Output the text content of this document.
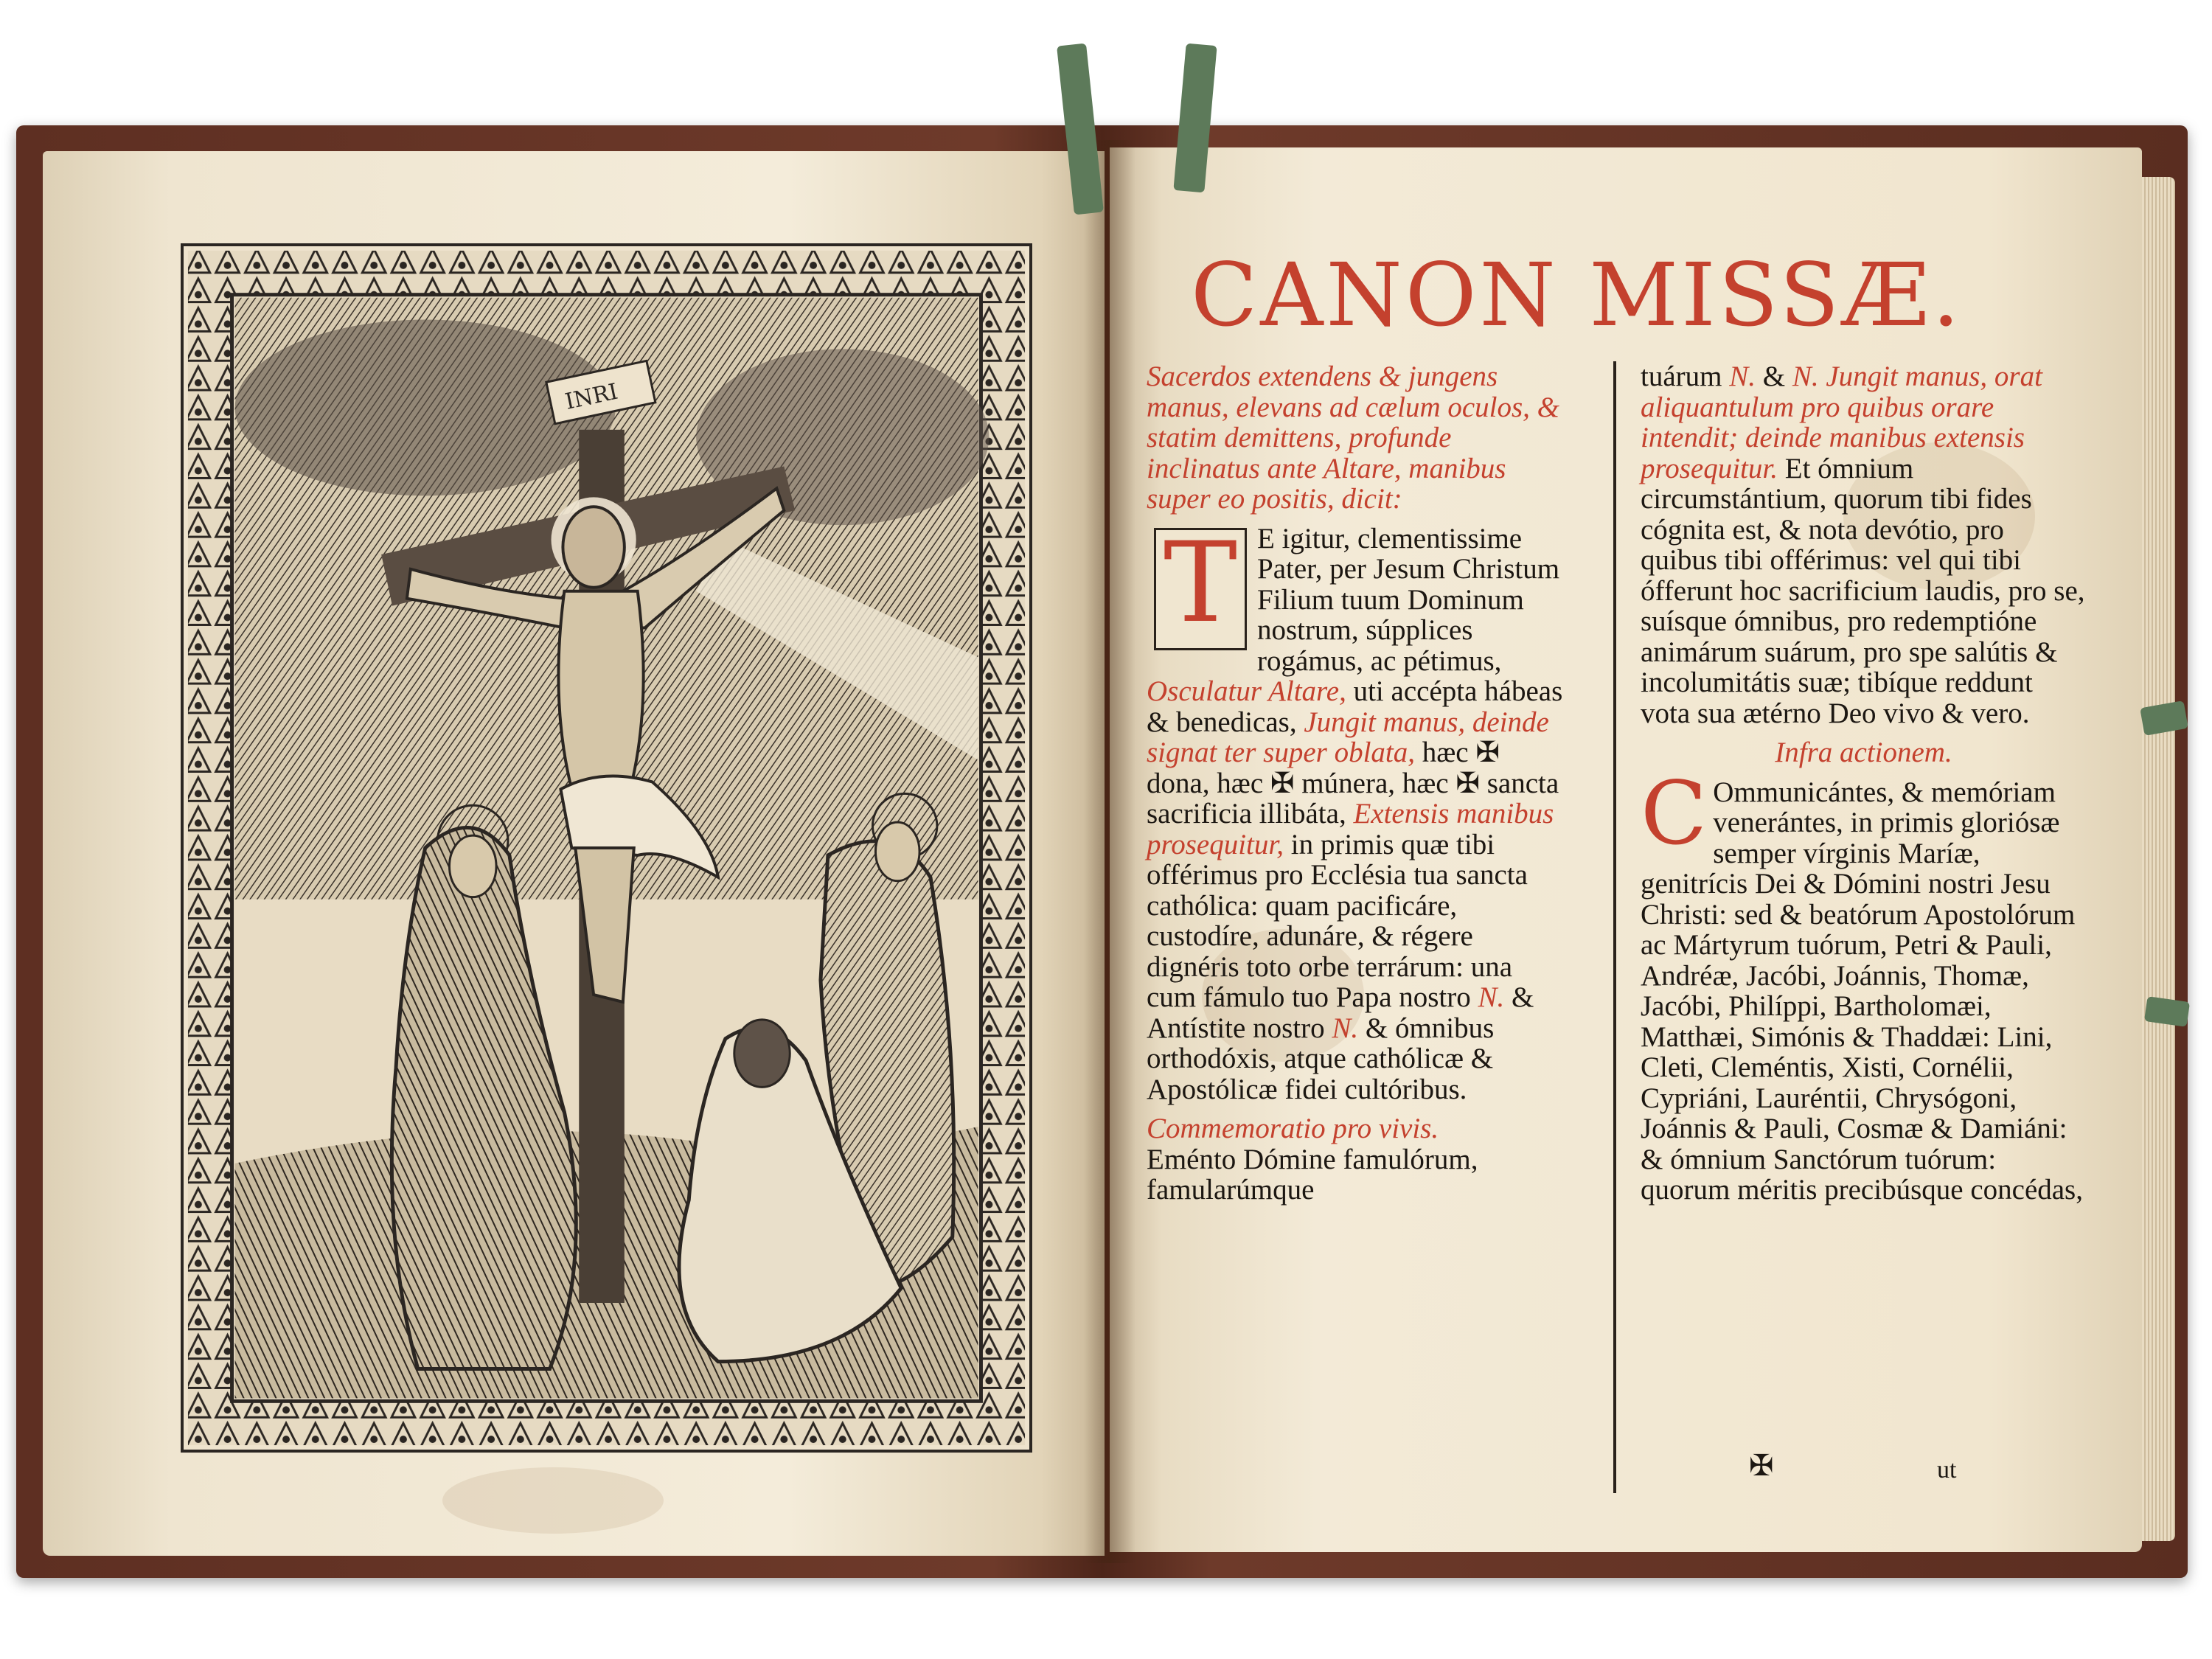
INRI
CANON MISSÆ.

Sacerdos extendens & jungens manus, elevans ad cælum oculos, & statim demittens, profunde inclinatus ante Altare, manibus super eo positis, dicit:

T E igitur, clementissime Pater, per Jesum Christum Filium tuum Dominum nostrum, súpplices rogámus, ac pétimus, Osculatur Altare, uti accépta hábeas & benedicas, Jungit manus, deinde signat ter super oblata, hæc ✠ dona, hæc ✠ múnera, hæc ✠ sancta sacrificia illibáta, Extensis manibus prosequitur, in primis quæ tibi offérimus pro Ecclésia tua sancta cathólica: quam pacificáre, custodíre, adunáre, & régere dignéris toto orbe terrárum: una cum fámulo tuo Papa nostro N. & Antístite nostro N. & ómnibus orthodóxis, atque cathólicæ & Apostólicæ fidei cultóribus.

Commemoratio pro vivis.
Eménto Dómine famulórum, famularúmque

tuárum N. & N. Jungit manus, orat aliquantulum pro quibus orare intendit; deinde manibus extensis prosequitur. Et ómnium circumstántium, quorum tibi fides cógnita est, & nota devótio, pro quibus tibi offérimus: vel qui tibi ófferunt hoc sacrificium laudis, pro se, suísque ómnibus, pro redemptióne animárum suárum, pro spe salútis & incolumitátis suæ; tibíque reddunt vota sua ætérno Deo vivo & vero.

Infra actionem.

C Ommunicántes, & memóriam venerántes, in primis gloriósæ semper vírginis Maríæ, genitrícis Dei & Dómini nostri Jesu Christi: sed & beatórum Apostolórum ac Mártyrum tuórum, Petri & Pauli, Andréæ, Jacóbi, Joánnis, Thomæ, Jacóbi, Philíppi, Bartholomæi, Matthæi, Simónis & Thaddæi: Lini, Cleti, Cleméntis, Xisti, Cornélii, Cypriáni, Lauréntii, Chrysógoni, Joánnis & Pauli, Cosmæ & Damiáni: & ómnium Sanctórum tuórum: quorum méritis precibúsque concédas,

✠	ut
